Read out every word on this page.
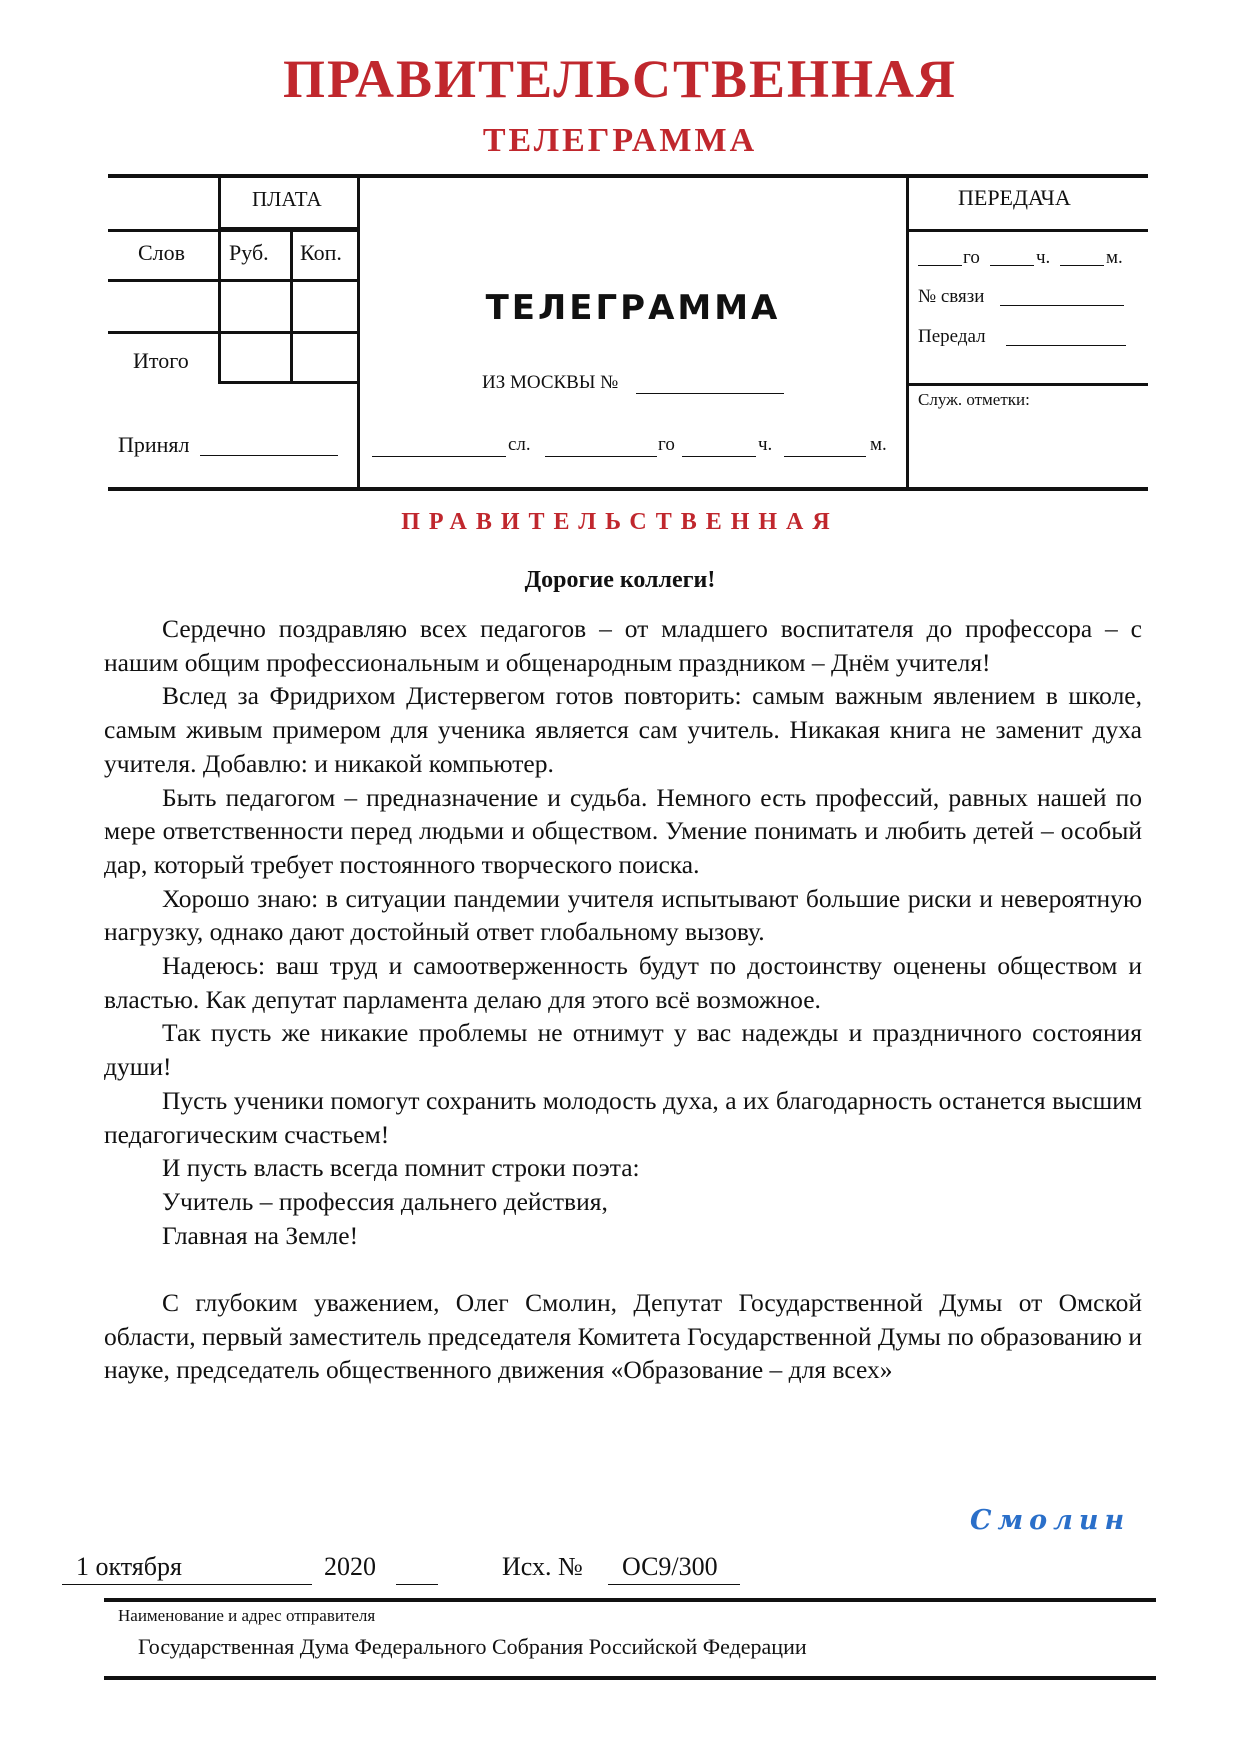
ПРАВИТЕЛЬСТВЕННАЯ
ТЕЛЕГРАММА
ПЛАТА
Слов Руб. Коп.
Итого
Принял
ТЕЛЕГРАММА
ИЗ МОСКВЫ №
сл.	го	ч.	м.
ПЕРЕДАЧА
го	ч.	м.
№ связи
Передал
Служ. отметки:
ПРАВИТЕЛЬСТВЕННАЯ
Дорогие коллеги!

Сердечно поздравляю всех педагогов – от младшего воспитателя до профессора – с нашим общим профессиональным и общенародным праздником – Днём учителя!

Вслед за Фридрихом Дистервегом готов повторить: самым важным явлением в школе, самым живым примером для ученика является сам учитель. Никакая книга не заменит духа учителя. Добавлю: и никакой компьютер.

Быть педагогом – предназначение и судьба. Немного есть профессий, равных нашей по мере ответственности перед людьми и обществом. Умение понимать и любить детей – особый дар, который требует постоянного творческого поиска.

Хорошо знаю: в ситуации пандемии учителя испытывают большие риски и невероятную нагрузку, однако дают достойный ответ глобальному вызову.

Надеюсь: ваш труд и самоотверженность будут по достоинству оценены обществом и властью. Как депутат парламента делаю для этого всё возможное.

Так пусть же никакие проблемы не отнимут у вас надежды и праздничного состояния души!

Пусть ученики помогут сохранить молодость духа, а их благодарность останется высшим педагогическим счастьем!

И пусть власть всегда помнит строки поэта:

Учитель – профессия дальнего действия,

Главная на Земле!

С глубоким уважением, Олег Смолин, Депутат Государственной Думы от Омской области, первый заместитель председателя Комитета Государственной Думы по образованию и науке, председатель общественного движения «Образование – для всех»

Смолин
1 октября	2020	Исх. № ОС9/300
Наименование и адрес отправителя
Государственная Дума Федерального Собрания Российской Федерации
